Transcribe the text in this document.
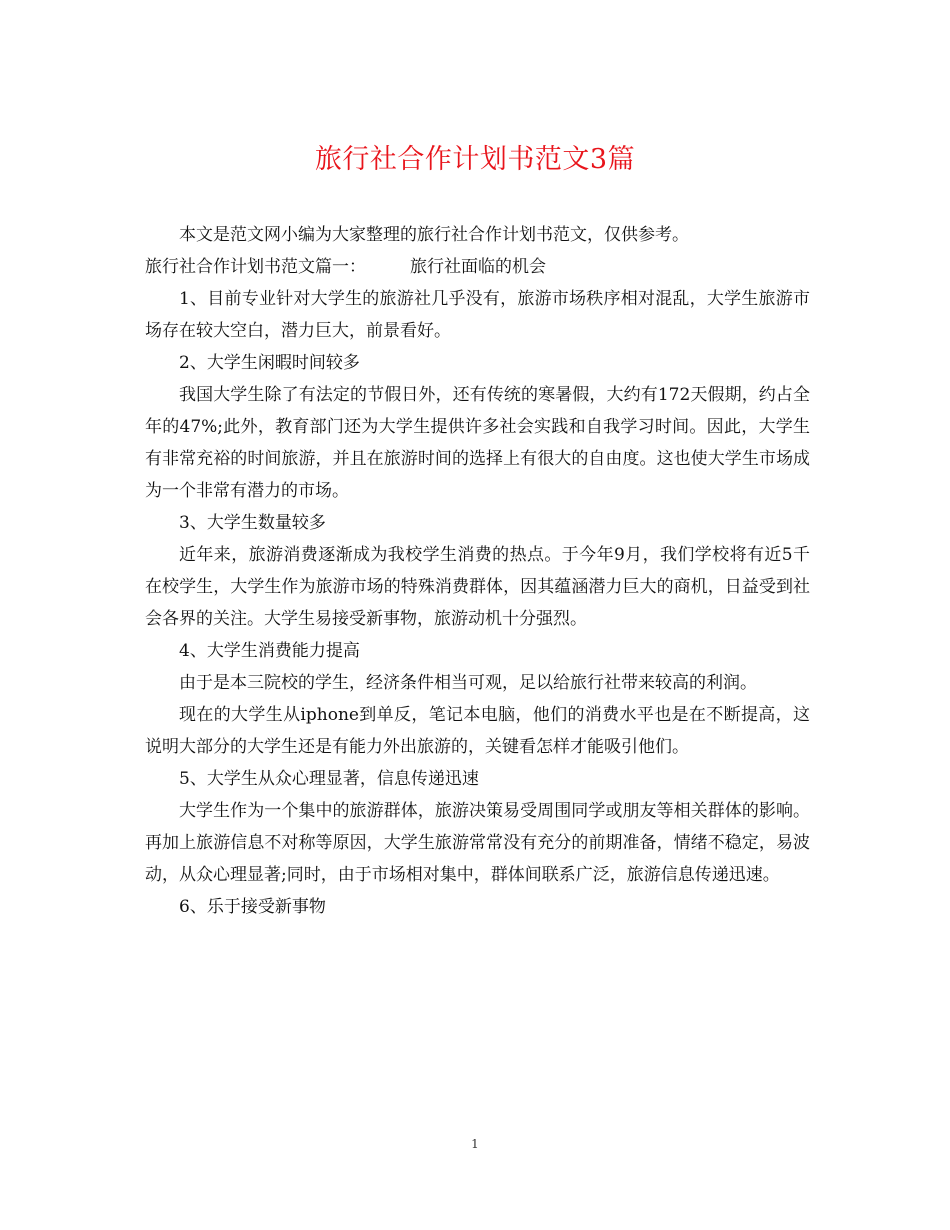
旅行社合作计划书范文3篇

本文是范文网小编为大家整理的旅行社合作计划书范文，仅供参考。

旅行社合作计划书范文篇一：	旅行社面临的机会

1、目前专业针对大学生的旅游社几乎没有，旅游市场秩序相对混乱，大学生旅游市场存在较大空白，潜力巨大，前景看好。

2、大学生闲暇时间较多

我国大学生除了有法定的节假日外，还有传统的寒暑假，大约有172天假期，约占全年的47%;此外，教育部门还为大学生提供许多社会实践和自我学习时间。因此，大学生有非常充裕的时间旅游，并且在旅游时间的选择上有很大的自由度。这也使大学生市场成为一个非常有潜力的市场。

3、大学生数量较多

近年来，旅游消费逐渐成为我校学生消费的热点。于今年9月，我们学校将有近5千在校学生，大学生作为旅游市场的特殊消费群体，因其蕴涵潜力巨大的商机，日益受到社会各界的关注。大学生易接受新事物，旅游动机十分强烈。

4、大学生消费能力提高

由于是本三院校的学生，经济条件相当可观，足以给旅行社带来较高的利润。

现在的大学生从iphone到单反，笔记本电脑，他们的消费水平也是在不断提高，这说明大部分的大学生还是有能力外出旅游的，关键看怎样才能吸引他们。

5、大学生从众心理显著，信息传递迅速

大学生作为一个集中的旅游群体，旅游决策易受周围同学或朋友等相关群体的影响。再加上旅游信息不对称等原因，大学生旅游常常没有充分的前期准备，情绪不稳定，易波动，从众心理显著;同时，由于市场相对集中，群体间联系广泛，旅游信息传递迅速。

6、乐于接受新事物

1
